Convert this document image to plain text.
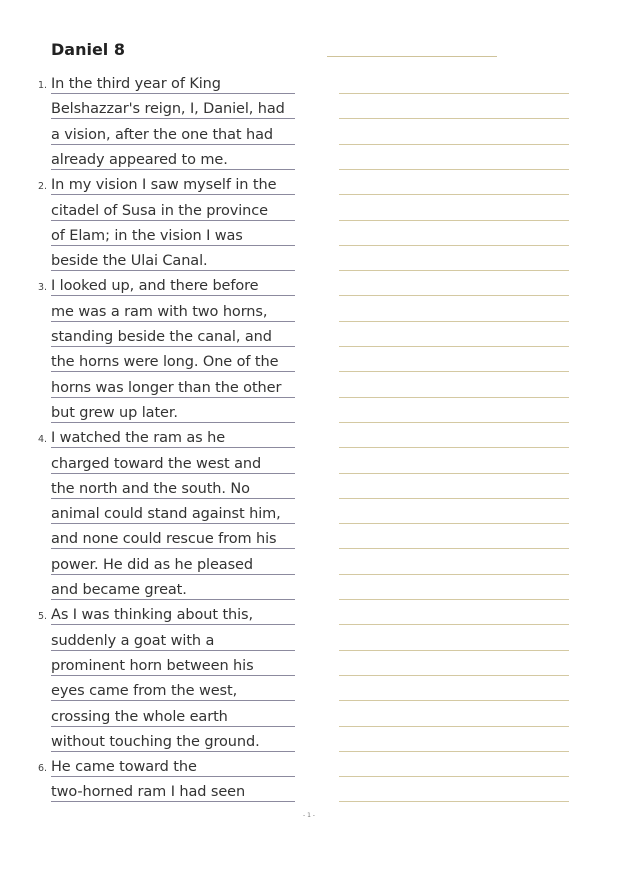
Daniel 8
1. In the third year of King
Belshazzar's reign, I, Daniel, had
a vision, after the one that had
already appeared to me.
2. In my vision I saw myself in the
citadel of Susa in the province
of Elam; in the vision I was
beside the Ulai Canal.
3. I looked up, and there before
me was a ram with two horns,
standing beside the canal, and
the horns were long. One of the
horns was longer than the other
but grew up later.
4. I watched the ram as he
charged toward the west and
the north and the south. No
animal could stand against him,
and none could rescue from his
power. He did as he pleased
and became great.
5. As I was thinking about this,
suddenly a goat with a
prominent horn between his
eyes came from the west,
crossing the whole earth
without touching the ground.
6. He came toward the
two-horned ram I had seen
- 1 -
